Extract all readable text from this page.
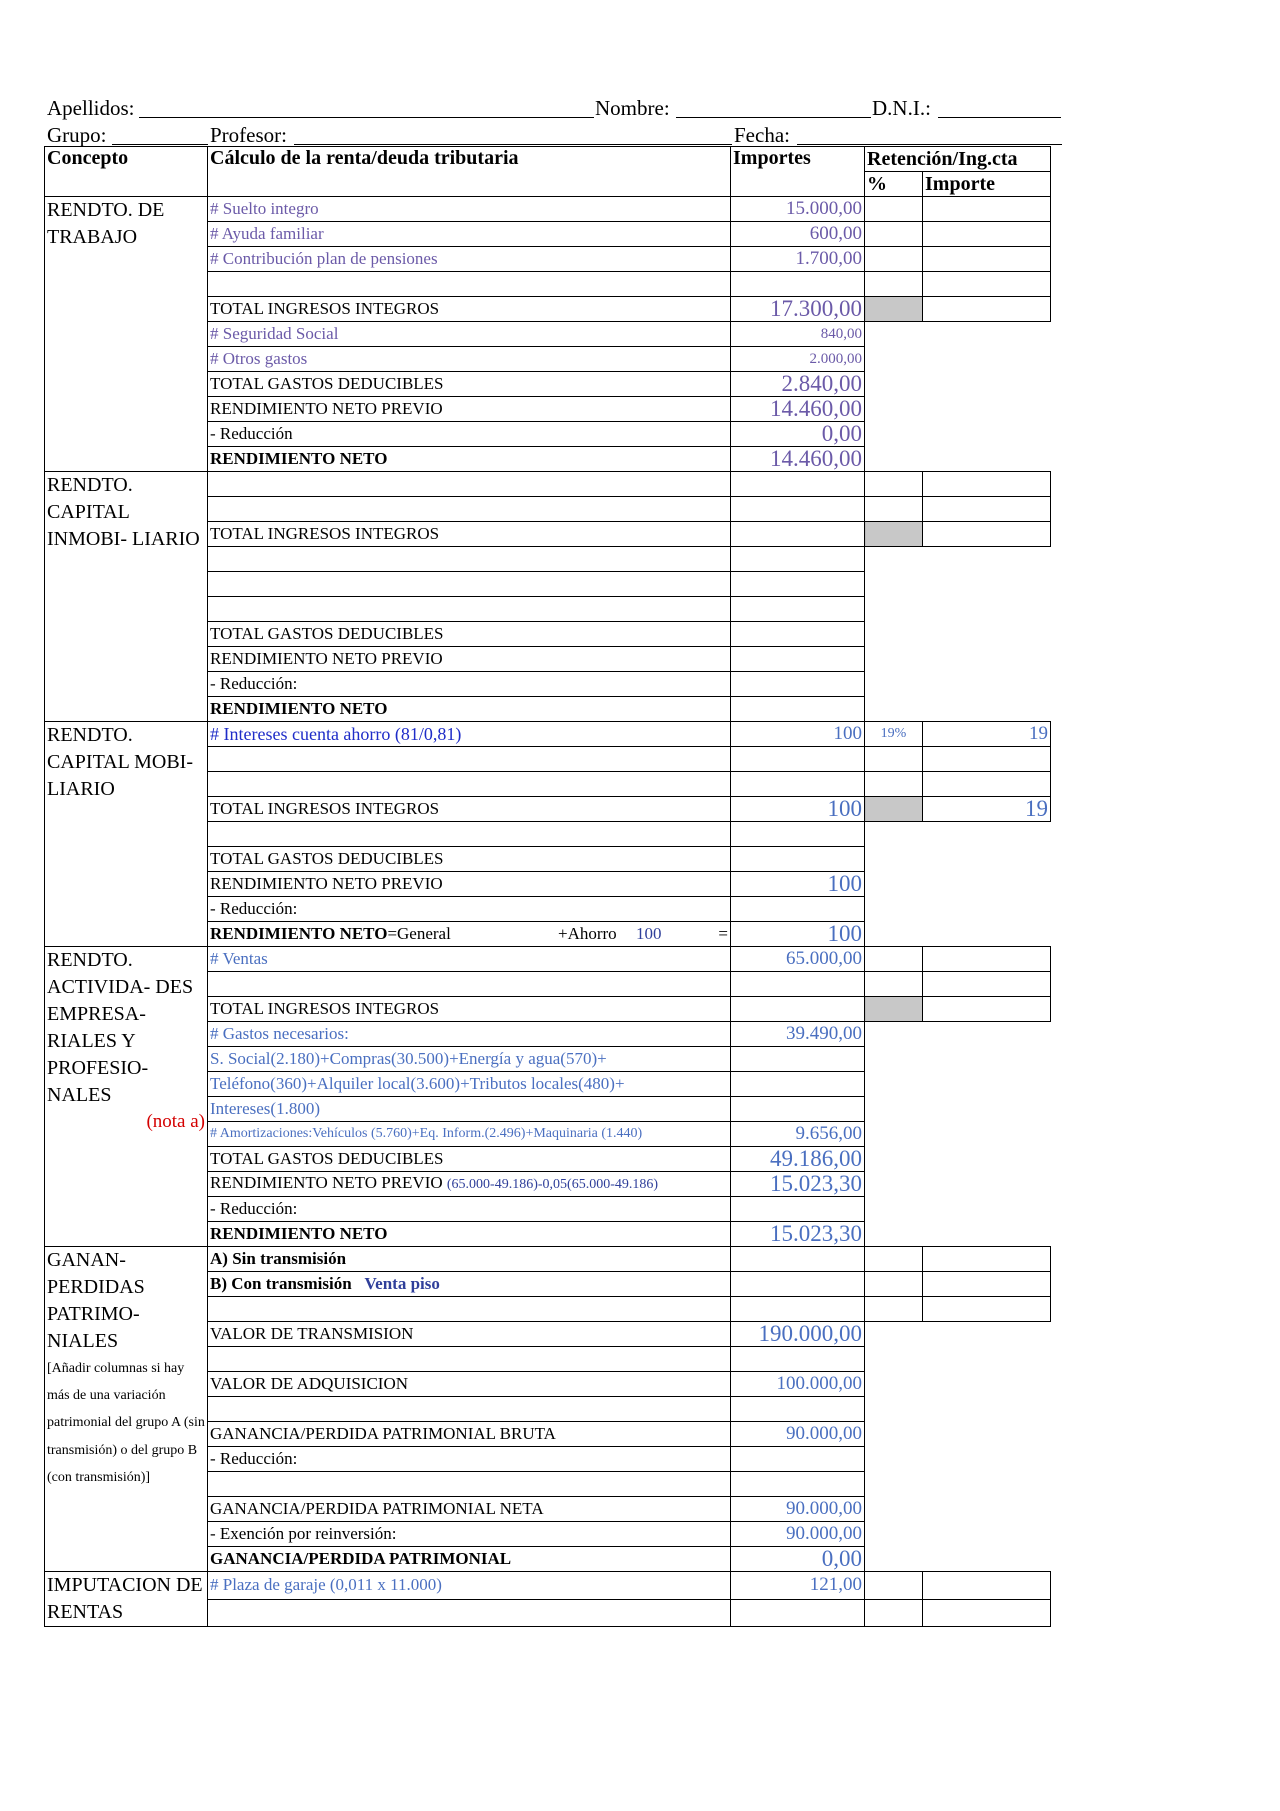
Apellidos:	Nombre:	D.N.I.:
Grupo:	Profesor:	Fecha:
Concepto	Cálculo de la renta/deuda tributaria	Importes	Retención/Ing.cta	
			%	Importe
RENDTO. DE TRABAJO	# Suelto integro	15.000,00		
	# Ayuda familiar	600,00		
	# Contribución plan de pensiones	1.700,00		

	TOTAL INGRESOS INTEGROS	17.300,00		
	# Seguridad Social	840,00		
	# Otros gastos	2.000,00		
	TOTAL GASTOS DEDUCIBLES	2.840,00		
	RENDIMIENTO NETO PREVIO	14.460,00		
	- Reducción	0,00		
	RENDIMIENTO NETO	14.460,00		
RENDTO. CAPITAL INMOBI- LIARIO				

	TOTAL INGRESOS INTEGROS			

	TOTAL GASTOS DEDUCIBLES			
	RENDIMIENTO NETO PREVIO			
	- Reducción:			
	RENDIMIENTO NETO			
RENDTO. CAPITAL MOBI- LIARIO	# Intereses cuenta ahorro (81/0,81)	100	19%	19

	TOTAL INGRESOS INTEGROS	100		19

	TOTAL GASTOS DEDUCIBLES			
	RENDIMIENTO NETO PREVIO	100		
	- Reducción:			
	RENDIMIENTO NETO=General +Ahorro 100 =	100		
RENDTO. ACTIVIDA- DES EMPRESA- RIALES Y PROFESIO- NALES
(nota a)	# Ventas	65.000,00		

	TOTAL INGRESOS INTEGROS			
	# Gastos necesarios:	39.490,00		
	S. Social(2.180)+Compras(30.500)+Energía y agua(570)+			
	Teléfono(360)+Alquiler local(3.600)+Tributos locales(480)+			
	Intereses(1.800)			
	# Amortizaciones:Vehículos (5.760)+Eq. Inform.(2.496)+Maquinaria (1.440)	9.656,00		
	TOTAL GASTOS DEDUCIBLES	49.186,00		
	RENDIMIENTO NETO PREVIO (65.000-49.186)-0,05(65.000-49.186)	15.023,30		
	- Reducción:			
	RENDIMIENTO NETO	15.023,30		
GANAN- PERDIDAS PATRIMO- NIALES
[Añadir columnas si hay más de una variación patrimonial del grupo A (sin transmisión) o del grupo B (con transmisión)]	A) Sin transmisión			
	B) Con transmisión Venta piso			

	VALOR DE TRANSMISION	190.000,00		

	VALOR DE ADQUISICION	100.000,00		

	GANANCIA/PERDIDA PATRIMONIAL BRUTA	90.000,00		
	- Reducción:			

	GANANCIA/PERDIDA PATRIMONIAL NETA	90.000,00		
	- Exención por reinversión:	90.000,00		
	GANANCIA/PERDIDA PATRIMONIAL	0,00		
IMPUTACION DE RENTAS	# Plaza de garaje (0,011 x 11.000)	121,00		
